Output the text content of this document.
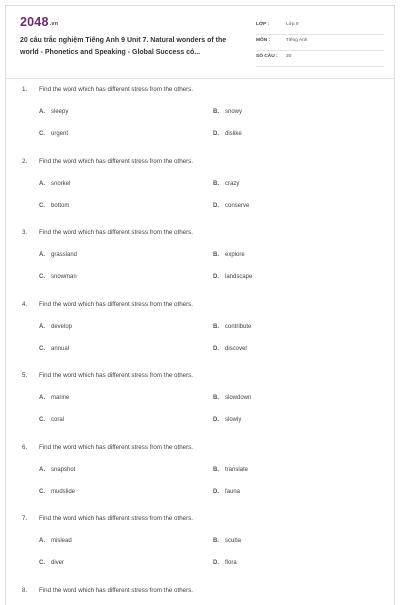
2048.vn
20 câu trắc nghiệm Tiếng Anh 9 Unit 7. Natural wonders of the world - Phonetics and Speaking - Global Success có...
LỚP :	Lớp 9
MÔN :	Tiếng Anh
SỐ CÂU : 20
1. Find the word which has different stress from the others.
A. sleepy	B. snowy
C. urgent	D. dislike
2. Find the word which has different stress from the others.
A. snorkel	B. crazy
C. bottom	D. conserve
3. Find the word which has different stress from the others.
A. grassland	B. explore
C. snowman	D. landscape
4. Find the word which has different stress from the others.
A. develop	B. contribute
C. annual	D. discover
5. Find the word which has different stress from the others.
A. marine	B. slowdown
C. coral	D. slowly
6. Find the word which has different stress from the others.
A. snapshot	B. translate
C. mudslide	D. fauna
7. Find the word which has different stress from the others.
A. mislead	B. scuba
C. diver	D. flora
8. Find the word which has different stress from the others.
